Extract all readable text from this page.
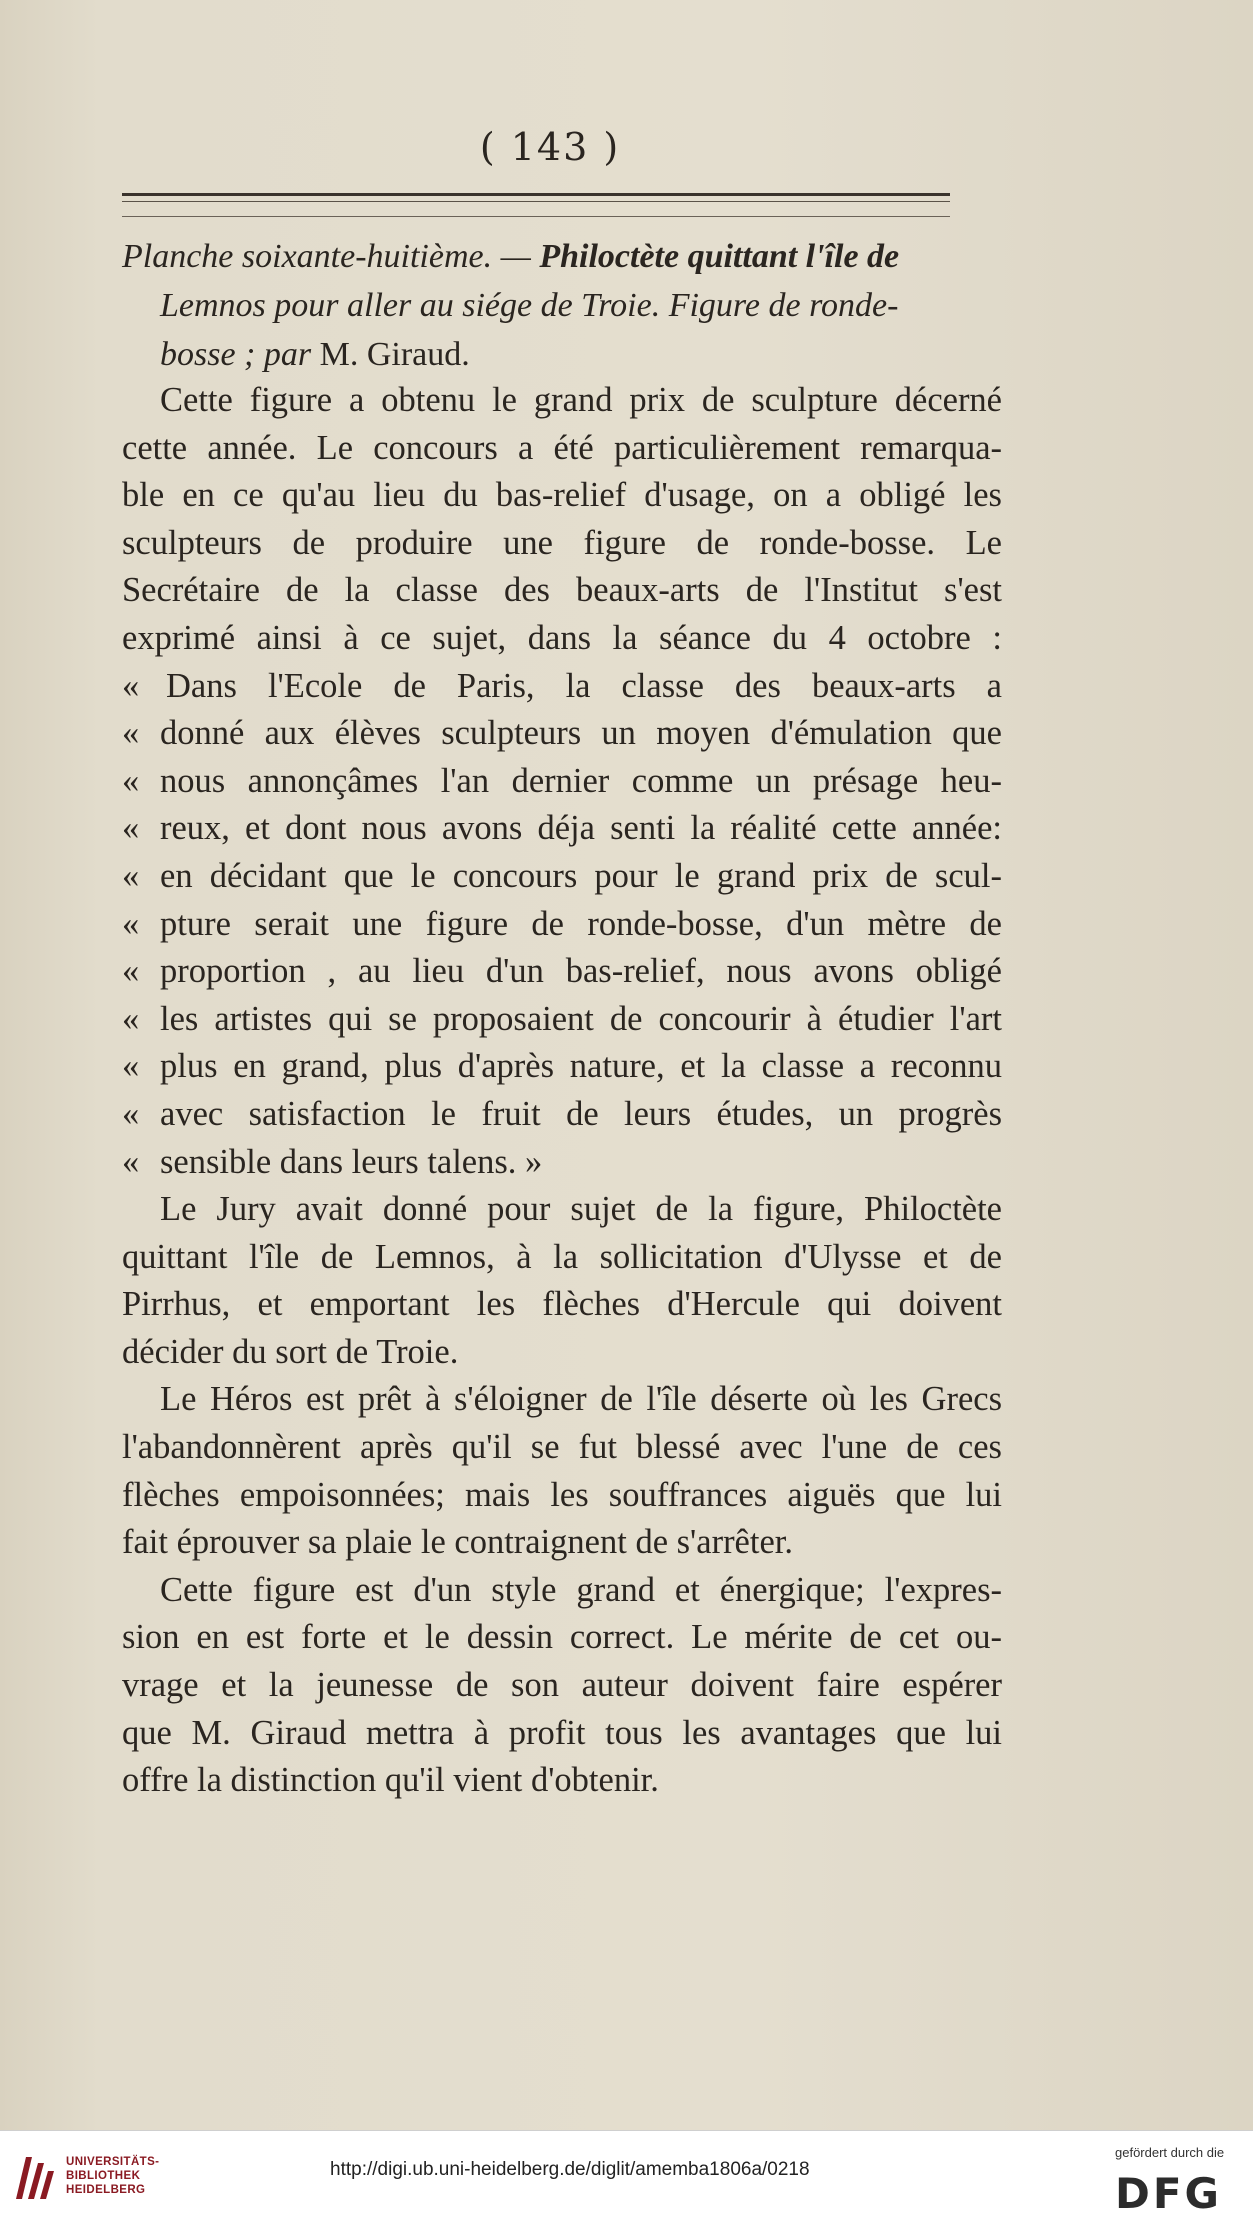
( 143 )
Planche soixante-huitième. — Philoctète quittant l'île de
Lemnos pour aller au siége de Troie. Figure de ronde-
bosse ; par M. Giraud.
Cette figure a obtenu le grand prix de sculpture décerné
cette année. Le concours a été particulièrement remarqua-
ble en ce qu'au lieu du bas-relief d'usage, on a obligé les
sculpteurs de produire une figure de ronde-bosse. Le
Secrétaire de la classe des beaux-arts de l'Institut s'est
exprimé ainsi à ce sujet, dans la séance du 4 octobre :
« Dans l'Ecole de Paris, la classe des beaux-arts a
« donné aux élèves sculpteurs un moyen d'émulation que
« nous annonçâmes l'an dernier comme un présage heu-
« reux, et dont nous avons déja senti la réalité cette année:
« en décidant que le concours pour le grand prix de scul-
« pture serait une figure de ronde-bosse, d'un mètre de
« proportion , au lieu d'un bas-relief, nous avons obligé
« les artistes qui se proposaient de concourir à étudier l'art
« plus en grand, plus d'après nature, et la classe a reconnu
« avec satisfaction le fruit de leurs études, un progrès
« sensible dans leurs talens. »
Le Jury avait donné pour sujet de la figure, Philoctète
quittant l'île de Lemnos, à la sollicitation d'Ulysse et de
Pirrhus, et emportant les flèches d'Hercule qui doivent
décider du sort de Troie.
Le Héros est prêt à s'éloigner de l'île déserte où les Grecs
l'abandonnèrent après qu'il se fut blessé avec l'une de ces
flèches empoisonnées; mais les souffrances aiguës que lui
fait éprouver sa plaie le contraignent de s'arrêter.
Cette figure est d'un style grand et énergique; l'expres-
sion en est forte et le dessin correct. Le mérite de cet ou-
vrage et la jeunesse de son auteur doivent faire espérer
que M. Giraud mettra à profit tous les avantages que lui
offre la distinction qu'il vient d'obtenir.
UNIVERSITÄTS-
BIBLIOTHEK
HEIDELBERG
http://digi.ub.uni-heidelberg.de/diglit/amemba1806a/0218
gefördert durch die
DFG
